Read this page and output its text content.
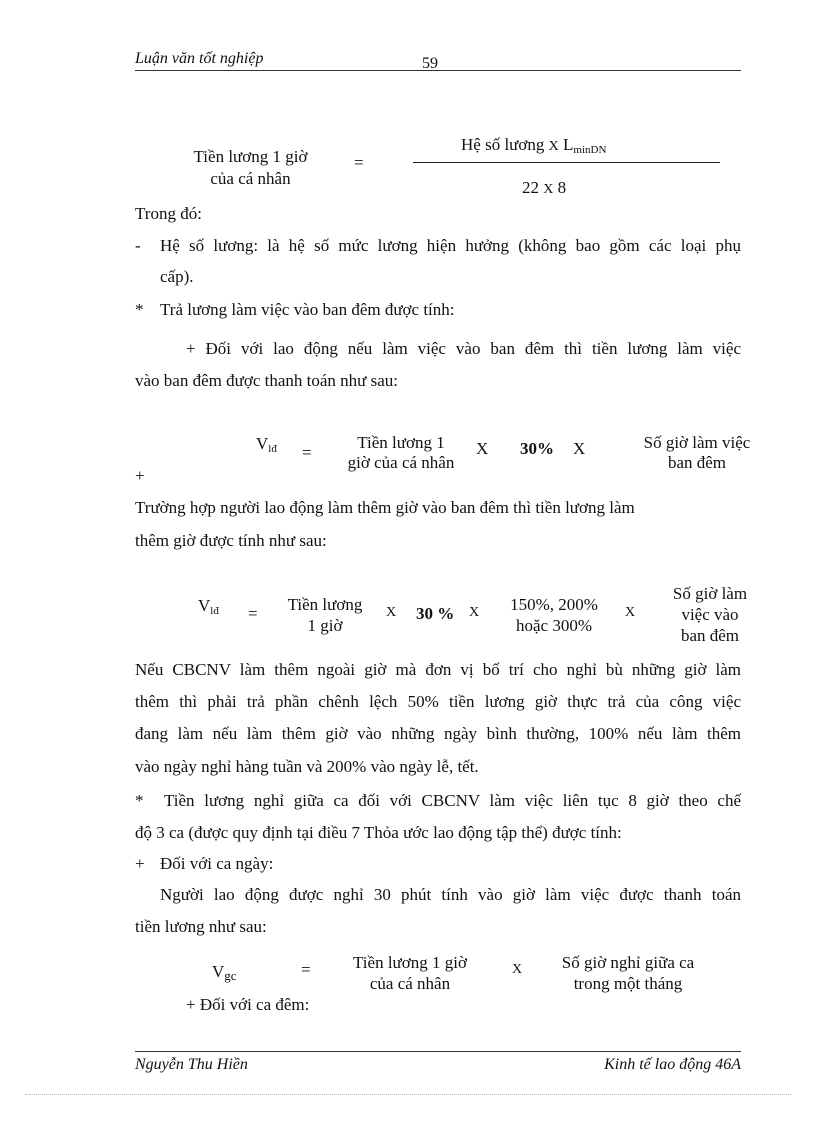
Luận văn tốt nghiệp	59
Tiền lương 1 giờ
của cá nhân
=
Hệ số lương X $L_{minDN}$
22 X 8
Trong đó:
- Hệ số lương: là hệ số mức lương hiện hưởng (không bao gồm các loại phụ
cấp).
* Trả lương làm việc vào ban đêm được tính:
+ Đối với lao động nếu làm việc vào ban đêm thì tiền lương làm việc
vào ban đêm được thanh toán như sau:
$V_{lđ}$ =
Tiền lương 1
giờ của cá nhân
X 30% X	Số giờ làm việc
ban đêm
+
Trường hợp người lao động làm thêm giờ vào ban đêm thì tiền lương làm
thêm giờ được tính như sau:
$V_{lđ}$ =	Tiền lương
1 giờ
X 30 % X	150%, 200%
hoặc 300%
X
Số giờ làm
việc vào
ban đêm
Nếu CBCNV làm thêm ngoài giờ mà đơn vị bố trí cho nghỉ bù những giờ làm
thêm thì phải trả phần chênh lệch 50% tiền lương giờ thực trả của công việc
đang làm nếu làm thêm giờ vào những ngày bình thường, 100% nếu làm thêm
vào ngày nghỉ hàng tuần và 200% vào ngày lễ, tết.
* Tiền lương nghỉ giữa ca đối với CBCNV làm việc liên tục 8 giờ theo chế
độ 3 ca (được quy định tại điều 7 Thỏa ước lao động tập thể) được tính:
+ Đối với ca ngày:
Người lao động được nghỉ 30 phút tính vào giờ làm việc được thanh toán
tiền lương như sau:
$V_{gc}$	=	Tiền lương 1 giờ
của cá nhân
X	Số giờ nghỉ giữa ca
trong một tháng
+ Đối với ca đêm:
Nguyễn Thu Hiền	Kinh tế lao động 46A
